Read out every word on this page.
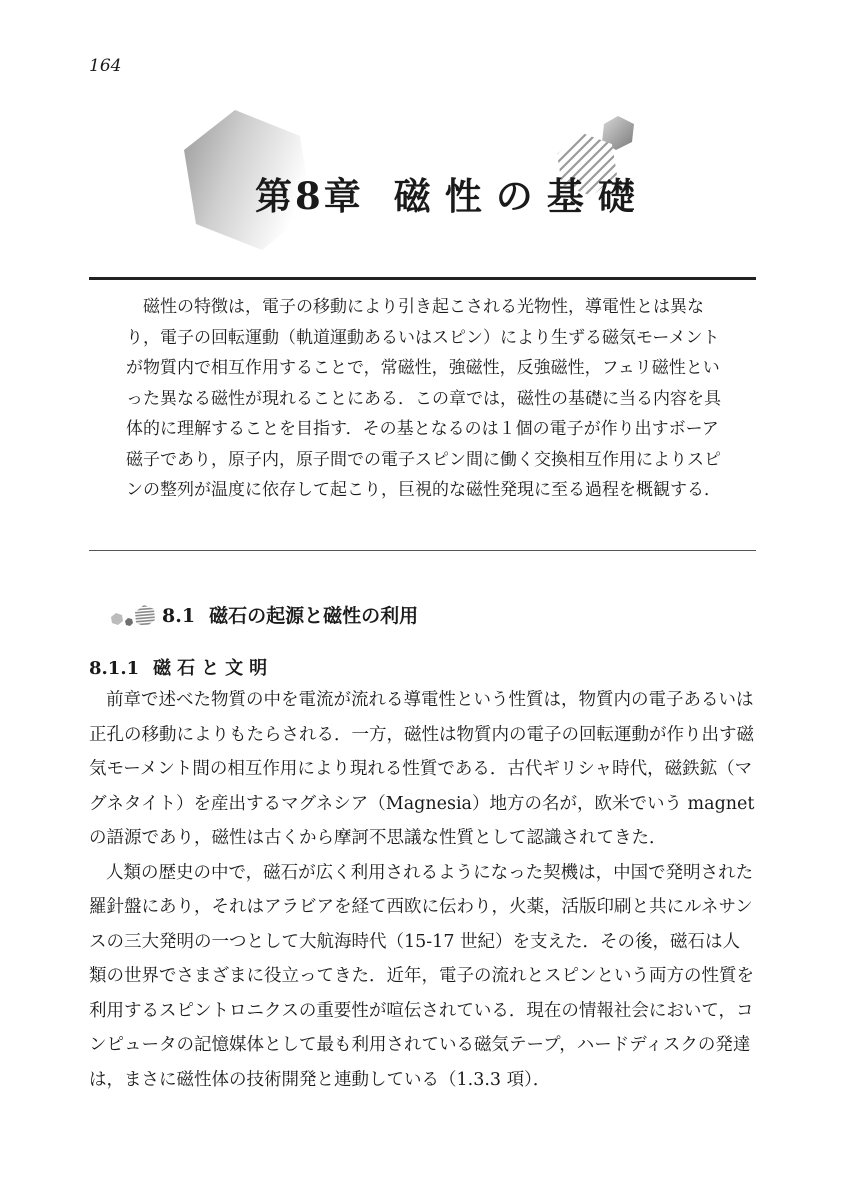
164
第8章 磁性の基礎

磁性の特徴は，電子の移動により引き起こされる光物性，導電性とは異なり，電子の回転運動（軌道運動あるいはスピン）により生ずる磁気モーメントが物質内で相互作用することで，常磁性，強磁性，反強磁性，フェリ磁性といった異なる磁性が現れることにある．この章では，磁性の基礎に当る内容を具体的に理解することを目指す．その基となるのは１個の電子が作り出すボーア磁子であり，原子内，原子間での電子スピン間に働く交換相互作用によりスピンの整列が温度に依存して起こり，巨視的な磁性発現に至る過程を概観する．

8.1 磁石の起源と磁性の利用
8.1.1 磁石と文明

前章で述べた物質の中を電流が流れる導電性という性質は，物質内の電子あるいは正孔の移動によりもたらされる．一方，磁性は物質内の電子の回転運動が作り出す磁気モーメント間の相互作用により現れる性質である．古代ギリシャ時代，磁鉄鉱（マグネタイト）を産出するマグネシア（Magnesia）地方の名が，欧米でいう magnet の語源であり，磁性は古くから摩訶不思議な性質として認識されてきた．

人類の歴史の中で，磁石が広く利用されるようになった契機は，中国で発明された羅針盤にあり，それはアラビアを経て西欧に伝わり，火薬，活版印刷と共にルネサンスの三大発明の一つとして大航海時代（15-17 世紀）を支えた．その後，磁石は人類の世界でさまざまに役立ってきた．近年，電子の流れとスピンという両方の性質を利用するスピントロニクスの重要性が喧伝されている．現在の情報社会において，コンピュータの記憶媒体として最も利用されている磁気テープ，ハードディスクの発達は，まさに磁性体の技術開発と連動している（1.3.3 項）．
